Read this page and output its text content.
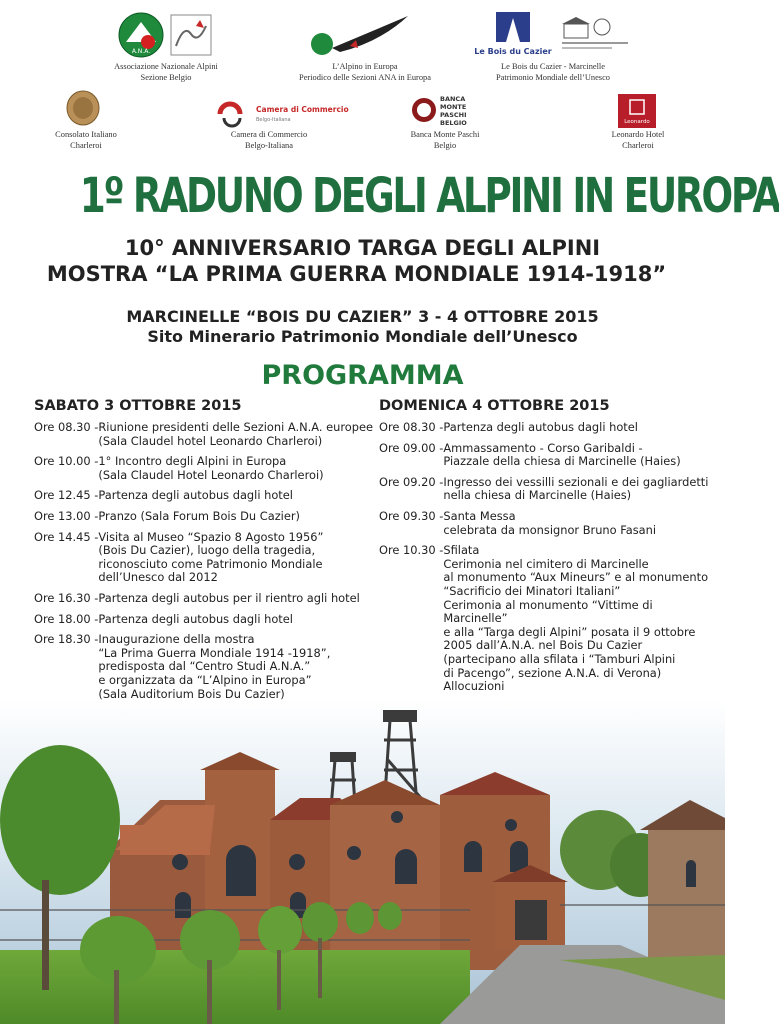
A.N.A.	Le Bois du Cazier
Associazione Nazionale Alpini
Sezione Belgio
L’Alpino in Europa
Periodico delle Sezioni ANA in Europa
Le Bois du Cazier - Marcinelle
Patrimonio Mondiale dell’Unesco
Camera di Commercio
Belgo-Italiana
BANCA
MONTE
PASCHI
BELGIO	Leonardo
Consolato Italiano
Charleroi
Camera di Commercio
Belgo-Italiana
Banca Monte Paschi
Belgio
Leonardo Hotel
Charleroi
1º RADUNO DEGLI ALPINI IN EUROPA
10° ANNIVERSARIO TARGA DEGLI ALPINI
MOSTRA “LA PRIMA GUERRA MONDIALE 1914-1918”
MARCINELLE “BOIS DU CAZIER” 3 - 4 OTTOBRE 2015
Sito Minerario Patrimonio Mondiale dell’Unesco
PROGRAMMA
SABATO 3 OTTOBRE 2015
Ore 08.30 - Riunione presidenti delle Sezioni A.N.A. europee
(Sala Claudel hotel Leonardo Charleroi)
Ore 10.00 - 1° Incontro degli Alpini in Europa
(Sala Claudel Hotel Leonardo Charleroi)
Ore 12.45 - Partenza degli autobus dagli hotel
Ore 13.00 - Pranzo (Sala Forum Bois Du Cazier)
Ore 14.45 - Visita al Museo “Spazio 8 Agosto 1956”
(Bois Du Cazier), luogo della tragedia,
riconosciuto come Patrimonio Mondiale
dell’Unesco dal 2012
Ore 16.30 - Partenza degli autobus per il rientro agli hotel
Ore 18.00 - Partenza degli autobus dagli hotel
Ore 18.30 - Inaugurazione della mostra
“La Prima Guerra Mondiale 1914 -1918”,
predisposta dal “Centro Studi A.N.A.”
e organizzata da “L’Alpino in Europa”
(Sala Auditorium Bois Du Cazier)
DOMENICA 4 OTTOBRE 2015
Ore 08.30 - Partenza degli autobus dagli hotel
Ore 09.00 - Ammassamento - Corso Garibaldi -
Piazzale della chiesa di Marcinelle (Haies)
Ore 09.20 - Ingresso dei vessilli sezionali e dei gagliardetti
nella chiesa di Marcinelle (Haies)
Ore 09.30 - Santa Messa
celebrata da monsignor Bruno Fasani
Ore 10.30 - Sfilata
Cerimonia nel cimitero di Marcinelle
al monumento “Aux Mineurs” e al monumento
“Sacrificio dei Minatori Italiani”
Cerimonia al monumento “Vittime di Marcinelle”
e alla “Targa degli Alpini” posata il 9 ottobre
2005 dall’A.N.A. nel Bois Du Cazier
(partecipano alla sfilata i “Tamburi Alpini
di Pacengo”, sezione A.N.A. di Verona)
Allocuzioni
